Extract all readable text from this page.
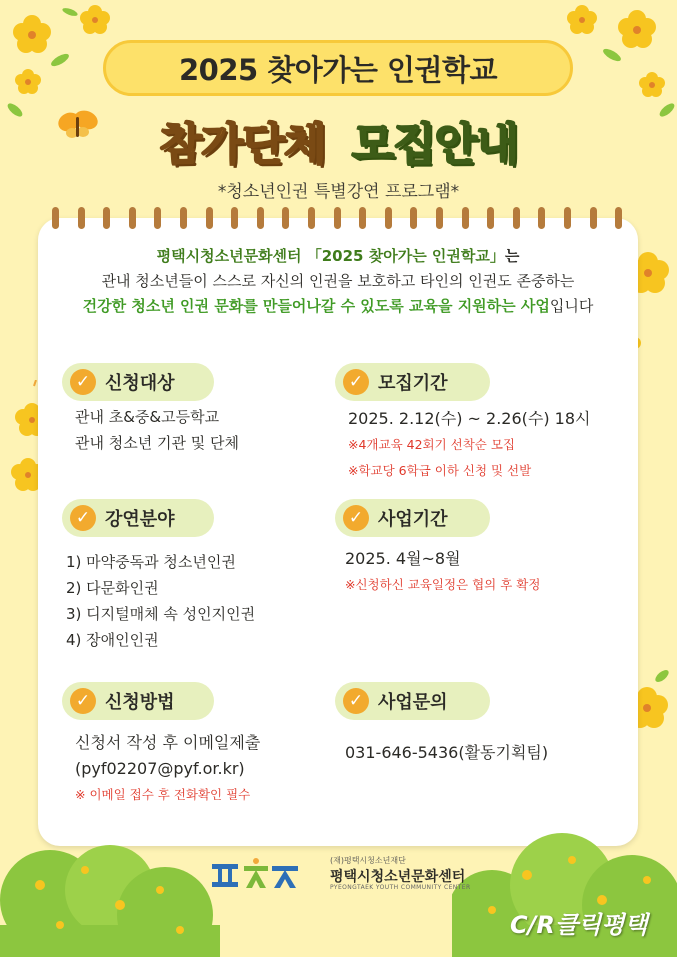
2025 찾아가는 인권학교
참가단체 모집안내
*청소년인권 특별강연 프로그램*
평택시청소년문화센터 「2025 찾아가는 인권학교」는
관내 청소년들이 스스로 자신의 인권을 보호하고 타인의 인권도 존중하는
건강한 청소년 인권 문화를 만들어나갈 수 있도록 교육을 지원하는 사업입니다
✓ 신청대상
관내 초&중&고등학교
관내 청소년 기관 및 단체
✓ 모집기간
2025. 2.12(수) ~ 2.26(수) 18시
※4개교육 42회기 선착순 모집
※학교당 6학급 이하 신청 및 선발
✓ 강연분야
1) 마약중독과 청소년인권
2) 다문화인권
3) 디지털매체 속 성인지인권
4) 장애인인권
✓ 사업기간
2025. 4월~8월
※신청하신 교육일정은 협의 후 확정
✓ 신청방법
신청서 작성 후 이메일제출
(pyf02207@pyf.or.kr)
※ 이메일 접수 후 전화확인 필수
✓ 사업문의
031-646-5436(활동기획팀)
(재)평택시청소년재단
평택시청소년문화센터
PYEONGTAEK YOUTH COMMUNITY CENTER
C/R클릭평택
